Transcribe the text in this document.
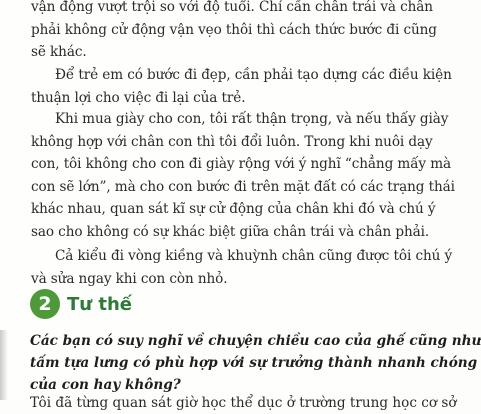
vận động vượt trội so với độ tuổi. Chỉ cần chân trái và chân
phải không cử động vận vẹo thôi thì cách thức bước đi cũng
sẽ khác.
Để trẻ em có bước đi đẹp, cần phải tạo dựng các điều kiện
thuận lợi cho việc đi lại của trẻ.
Khi mua giày cho con, tôi rất thận trọng, và nếu thấy giày
không hợp với chân con thì tôi đổi luôn. Trong khi nuôi dạy
con, tôi không cho con đi giày rộng với ý nghĩ “chẳng mấy mà
con sẽ lớn”, mà cho con bước đi trên mặt đất có các trạng thái
khác nhau, quan sát kĩ sự cử động của chân khi đó và chú ý
sao cho không có sự khác biệt giữa chân trái và chân phải.
Cả kiểu đi vòng kiềng và khuỳnh chân cũng được tôi chú ý
và sửa ngay khi con còn nhỏ.
2 Tư thế
Các bạn có suy nghĩ về chuyện chiều cao của ghế cũng như
tấm tựa lưng có phù hợp với sự trưởng thành nhanh chóng
của con hay không?
Tôi đã từng quan sát giờ học thể dục ở trường trung học cơ sở
